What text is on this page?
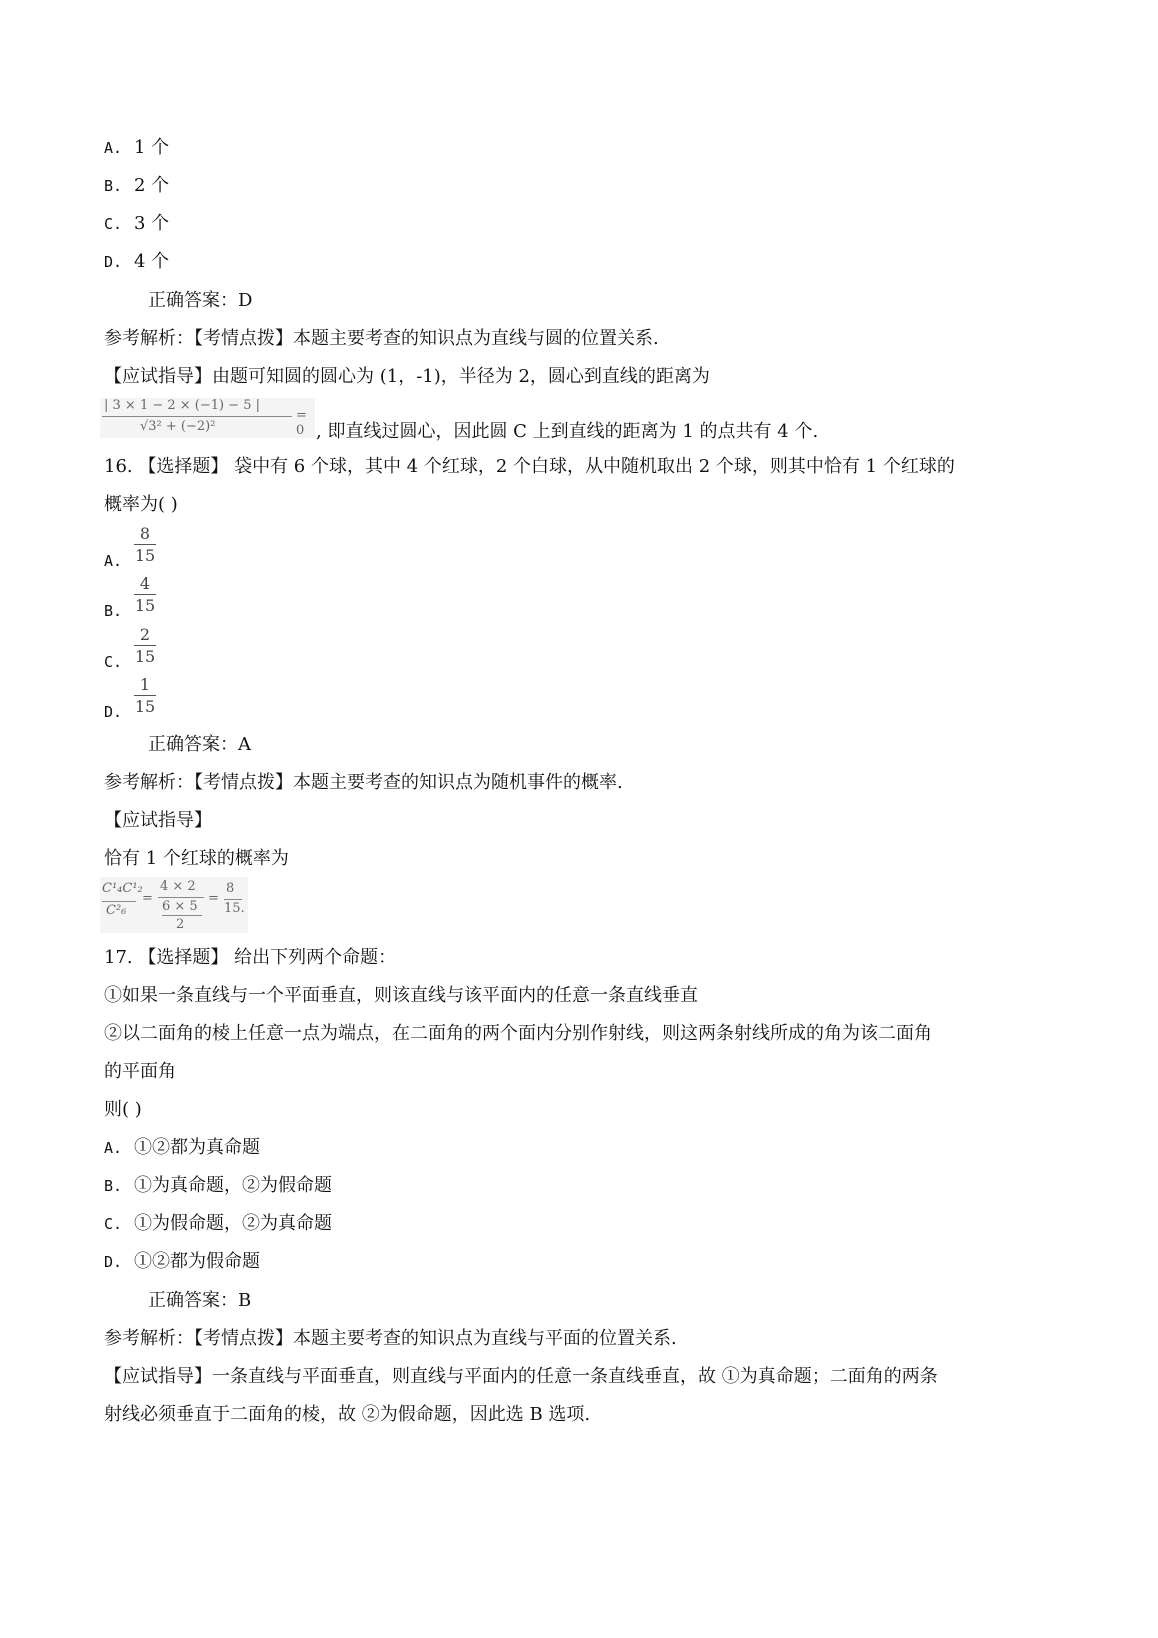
A. 1 个
B. 2 个
C. 3 个
D. 4 个
正确答案：D
参考解析：【考情点拨】本题主要考查的知识点为直线与圆的位置关系.
【应试指导】由题可知圆的圆心为 (1，-1)，半径为 2，圆心到直线的距离为
| 3 × 1 − 2 × (−1) − 5 |
√3² + (−2)²
= 0 , 即直线过圆心，因此圆 C 上到直线的距离为 1 的点共有 4 个.
16. 【选择题】 袋中有 6 个球，其中 4 个红球，2 个白球，从中随机取出 2 个球，则其中恰有 1 个红球的
概率为( )
A.
8
15
B.
4
15
C.
2
15
D.
1
15
正确答案：A
参考解析：【考情点拨】本题主要考查的知识点为随机事件的概率.
【应试指导】
恰有 1 个红球的概率为
C¹₄C¹₂
C²₆
=
4 × 2
6 × 5
2
=
8
15.
17. 【选择题】 给出下列两个命题：
①如果一条直线与一个平面垂直，则该直线与该平面内的任意一条直线垂直
②以二面角的棱上任意一点为端点，在二面角的两个面内分别作射线，则这两条射线所成的角为该二面角
的平面角
则( )
A. ①②都为真命题
B. ①为真命题，②为假命题
C. ①为假命题，②为真命题
D. ①②都为假命题
正确答案：B
参考解析：【考情点拨】本题主要考查的知识点为直线与平面的位置关系.
【应试指导】一条直线与平面垂直，则直线与平面内的任意一条直线垂直，故 ①为真命题；二面角的两条
射线必须垂直于二面角的棱，故 ②为假命题，因此选 B 选项.
